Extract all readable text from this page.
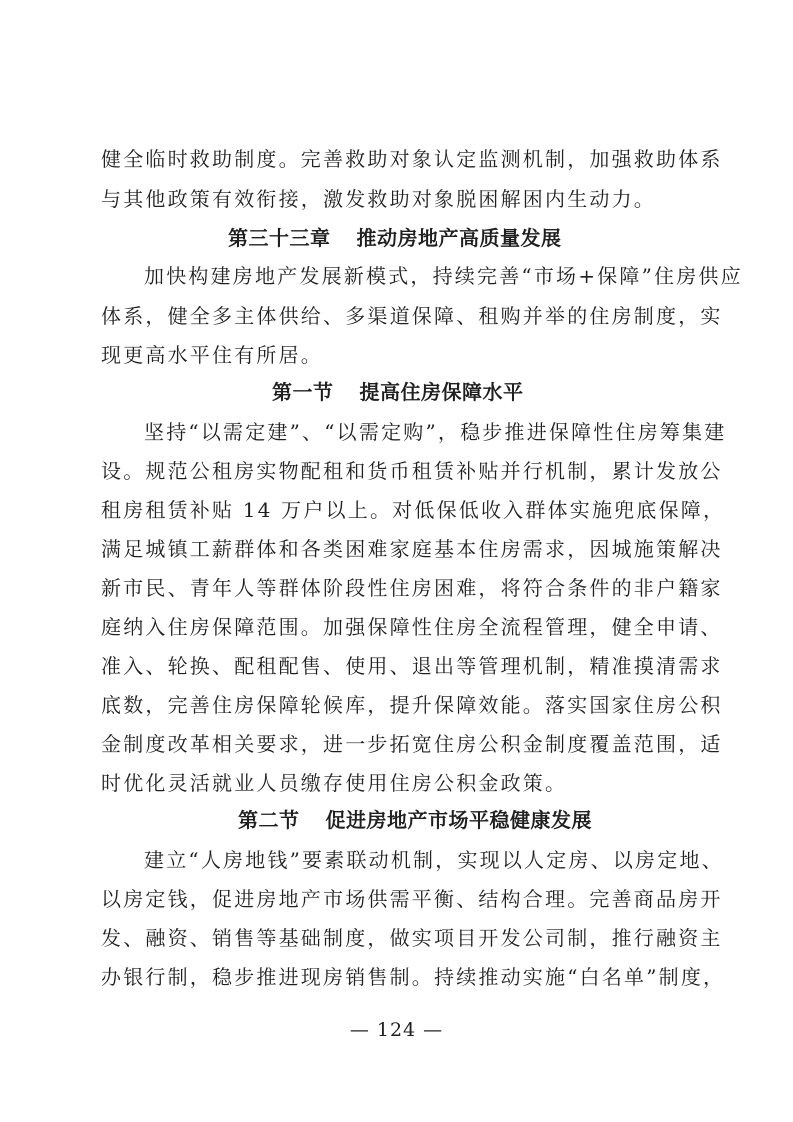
健全临时救助制度。完善救助对象认定监测机制，加强救助体系

与其他政策有效衔接，激发救助对象脱困解困内生动力。

第三十三章 推动房地产高质量发展

加快构建房地产发展新模式，持续完善“市场+保障”住房供应

体系，健全多主体供给、多渠道保障、租购并举的住房制度，实

现更高水平住有所居。

第一节 提高住房保障水平

坚持“以需定建”、“以需定购”，稳步推进保障性住房筹集建

设。规范公租房实物配租和货币租赁补贴并行机制，累计发放公

租房租赁补贴 14 万户以上。对低保低收入群体实施兜底保障，

满足城镇工薪群体和各类困难家庭基本住房需求，因城施策解决

新市民、青年人等群体阶段性住房困难，将符合条件的非户籍家

庭纳入住房保障范围。加强保障性住房全流程管理，健全申请、

准入、轮换、配租配售、使用、退出等管理机制，精准摸清需求

底数，完善住房保障轮候库，提升保障效能。落实国家住房公积

金制度改革相关要求，进一步拓宽住房公积金制度覆盖范围，适

时优化灵活就业人员缴存使用住房公积金政策。

第二节 促进房地产市场平稳健康发展

建立“人房地钱”要素联动机制，实现以人定房、以房定地、

以房定钱，促进房地产市场供需平衡、结构合理。完善商品房开

发、融资、销售等基础制度，做实项目开发公司制，推行融资主

办银行制，稳步推进现房销售制。持续推动实施“白名单”制度，

— 124 —
